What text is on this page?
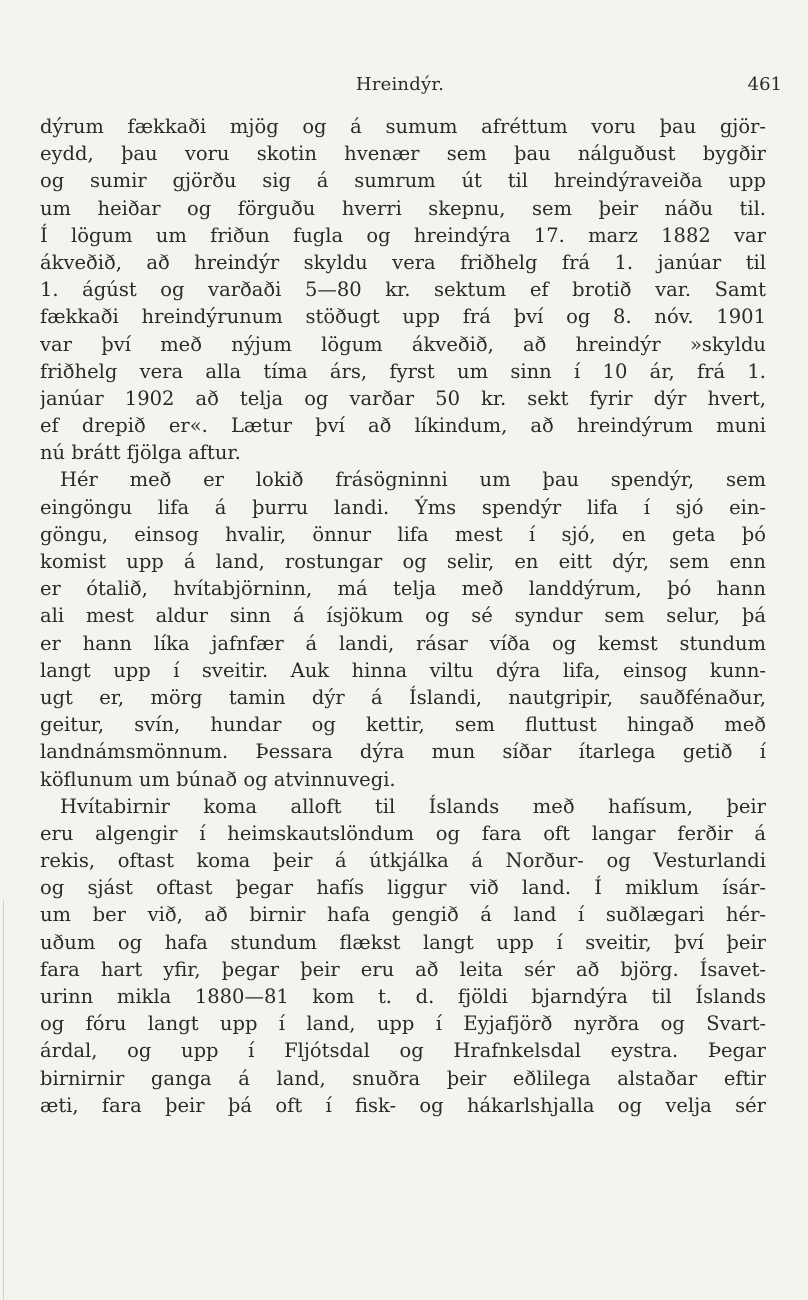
Hreindýr.	461
dýrum fækkaði mjög og á sumum afréttum voru þau gjör-
eydd, þau voru skotin hvenær sem þau nálguðust bygðir
og sumir gjörðu sig á sumrum út til hreindýraveiða upp
um heiðar og förguðu hverri skepnu, sem þeir náðu til.
Í lögum um friðun fugla og hreindýra 17. marz 1882 var
ákveðið, að hreindýr skyldu vera friðhelg frá 1. janúar til
1. ágúst og varðaði 5—80 kr. sektum ef brotið var. Samt
fækkaði hreindýrunum stöðugt upp frá því og 8. nóv. 1901
var því með nýjum lögum ákveðið, að hreindýr »skyldu
friðhelg vera alla tíma árs, fyrst um sinn í 10 ár, frá 1.
janúar 1902 að telja og varðar 50 kr. sekt fyrir dýr hvert,
ef drepið er«. Lætur því að líkindum, að hreindýrum muni
nú brátt fjölga aftur.
Hér með er lokið frásögninni um þau spendýr, sem
eingöngu lifa á þurru landi. Ýms spendýr lifa í sjó ein-
göngu, einsog hvalir, önnur lifa mest í sjó, en geta þó
komist upp á land, rostungar og selir, en eitt dýr, sem enn
er ótalið, hvítabjörninn, má telja með landdýrum, þó hann
ali mest aldur sinn á ísjökum og sé syndur sem selur, þá
er hann líka jafnfær á landi, rásar víða og kemst stundum
langt upp í sveitir. Auk hinna viltu dýra lifa, einsog kunn-
ugt er, mörg tamin dýr á Íslandi, nautgripir, sauðfénaður,
geitur, svín, hundar og kettir, sem fluttust hingað með
landnámsmönnum. Þessara dýra mun síðar ítarlega getið í
köflunum um búnað og atvinnuvegi.
Hvítabirnir koma alloft til Íslands með hafísum, þeir
eru algengir í heimskautslöndum og fara oft langar ferðir á
rekis, oftast koma þeir á útkjálka á Norður- og Vesturlandi
og sjást oftast þegar hafís liggur við land. Í miklum ísár-
um ber við, að birnir hafa gengið á land í suðlægari hér-
uðum og hafa stundum flækst langt upp í sveitir, því þeir
fara hart yfir, þegar þeir eru að leita sér að björg. Ísavet-
urinn mikla 1880—81 kom t. d. fjöldi bjarndýra til Íslands
og fóru langt upp í land, upp í Eyjafjörð nyrðra og Svart-
árdal, og upp í Fljótsdal og Hrafnkelsdal eystra. Þegar
birnirnir ganga á land, snuðra þeir eðlilega alstaðar eftir
æti, fara þeir þá oft í fisk- og hákarlshjalla og velja sér
